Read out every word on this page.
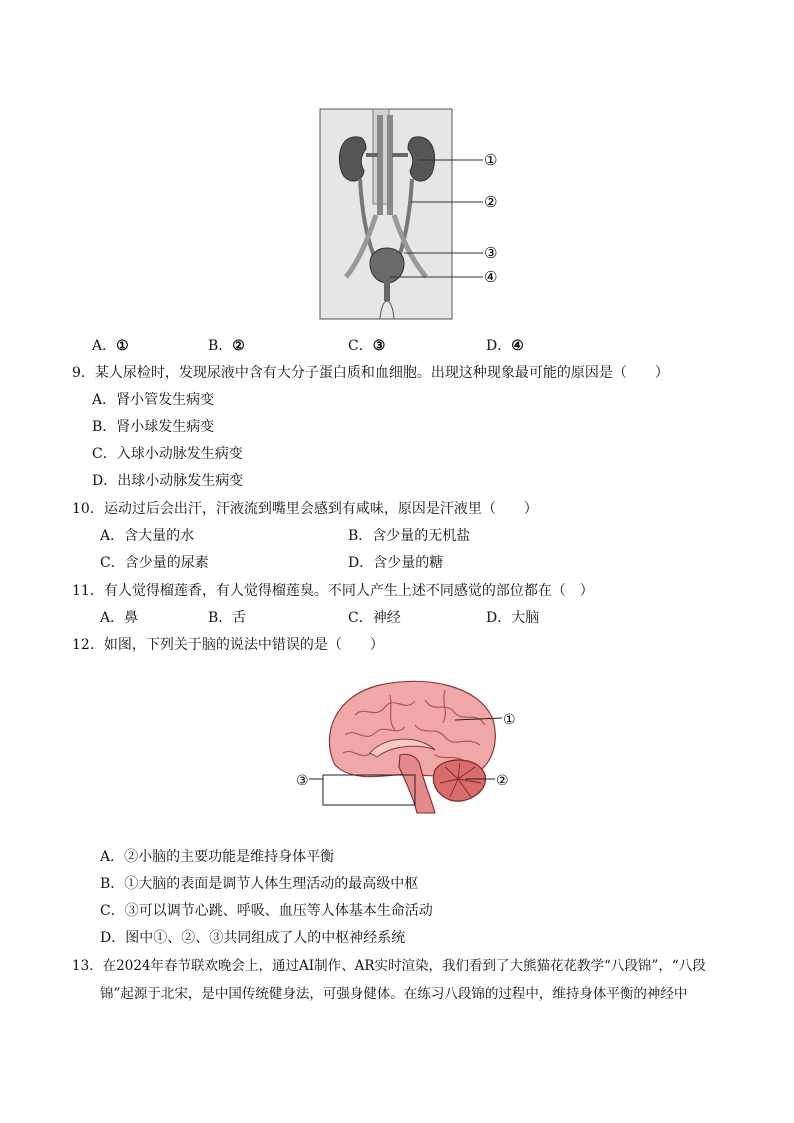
①
②
③
④
A．①	B．②	C．③	D．④
9．某人尿检时，发现尿液中含有大分子蛋白质和血细胞。出现这种现象最可能的原因是（　　）
A．肾小管发生病变
B．肾小球发生病变
C．入球小动脉发生病变
D．出球小动脉发生病变
10．运动过后会出汗，汗液流到嘴里会感到有咸味，原因是汗液里（　　）
A．含大量的水	B．含少量的无机盐
C．含少量的尿素	D．含少量的糖
11．有人觉得榴莲香，有人觉得榴莲臭。不同人产生上述不同感觉的部位都在（　）
A．鼻	B．舌	C．神经	D．大脑
12．如图，下列关于脑的说法中错误的是（　　）
①
②
③
A．②小脑的主要功能是维持身体平衡
B．①大脑的表面是调节人体生理活动的最高级中枢
C．③可以调节心跳、呼吸、血压等人体基本生命活动
D．图中①、②、③共同组成了人的中枢神经系统
13．在2024年春节联欢晚会上，通过AI制作、AR实时渲染，我们看到了大熊猫花花教学“八段锦”，“八段
锦”起源于北宋，是中国传统健身法，可强身健体。在练习八段锦的过程中，维持身体平衡的神经中
